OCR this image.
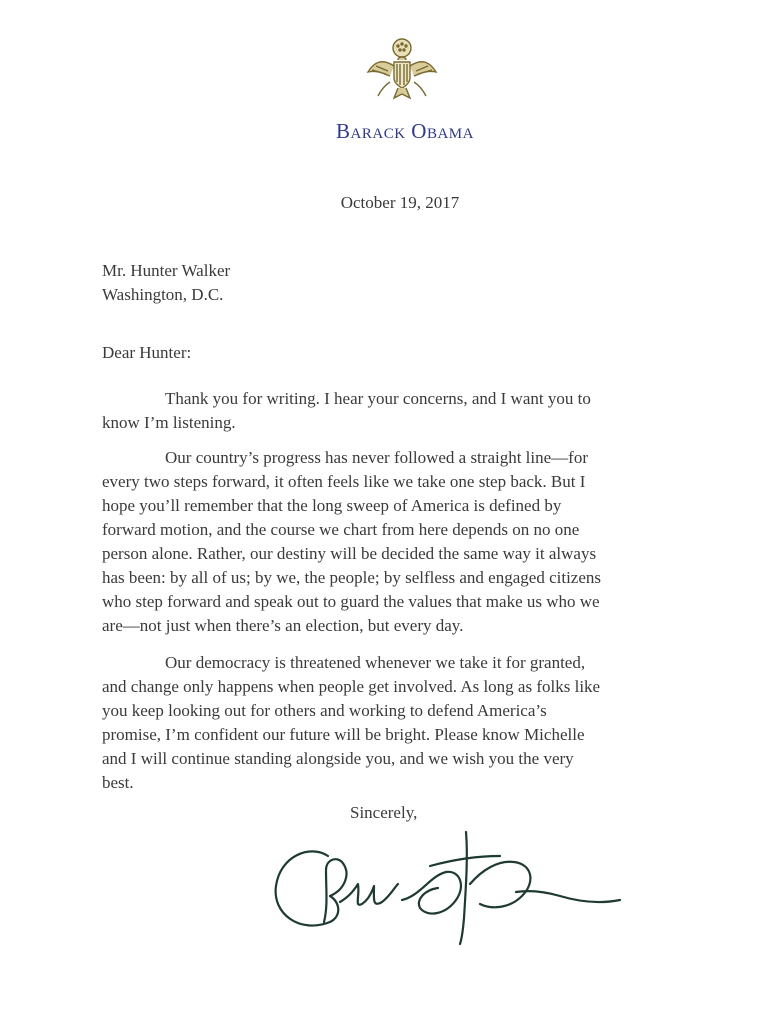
Barack Obama
October 19, 2017
Mr. Hunter Walker
Washington, D.C.
Dear Hunter:
Thank you for writing. I hear your concerns, and I want you to
know I’m listening.
Our country’s progress has never followed a straight line—for
every two steps forward, it often feels like we take one step back. But I
hope you’ll remember that the long sweep of America is defined by
forward motion, and the course we chart from here depends on no one
person alone. Rather, our destiny will be decided the same way it always
has been: by all of us; by we, the people; by selfless and engaged citizens
who step forward and speak out to guard the values that make us who we
are—not just when there’s an election, but every day.
Our democracy is threatened whenever we take it for granted,
and change only happens when people get involved. As long as folks like
you keep looking out for others and working to defend America’s
promise, I’m confident our future will be bright. Please know Michelle
and I will continue standing alongside you, and we wish you the very
best.
Sincerely,
